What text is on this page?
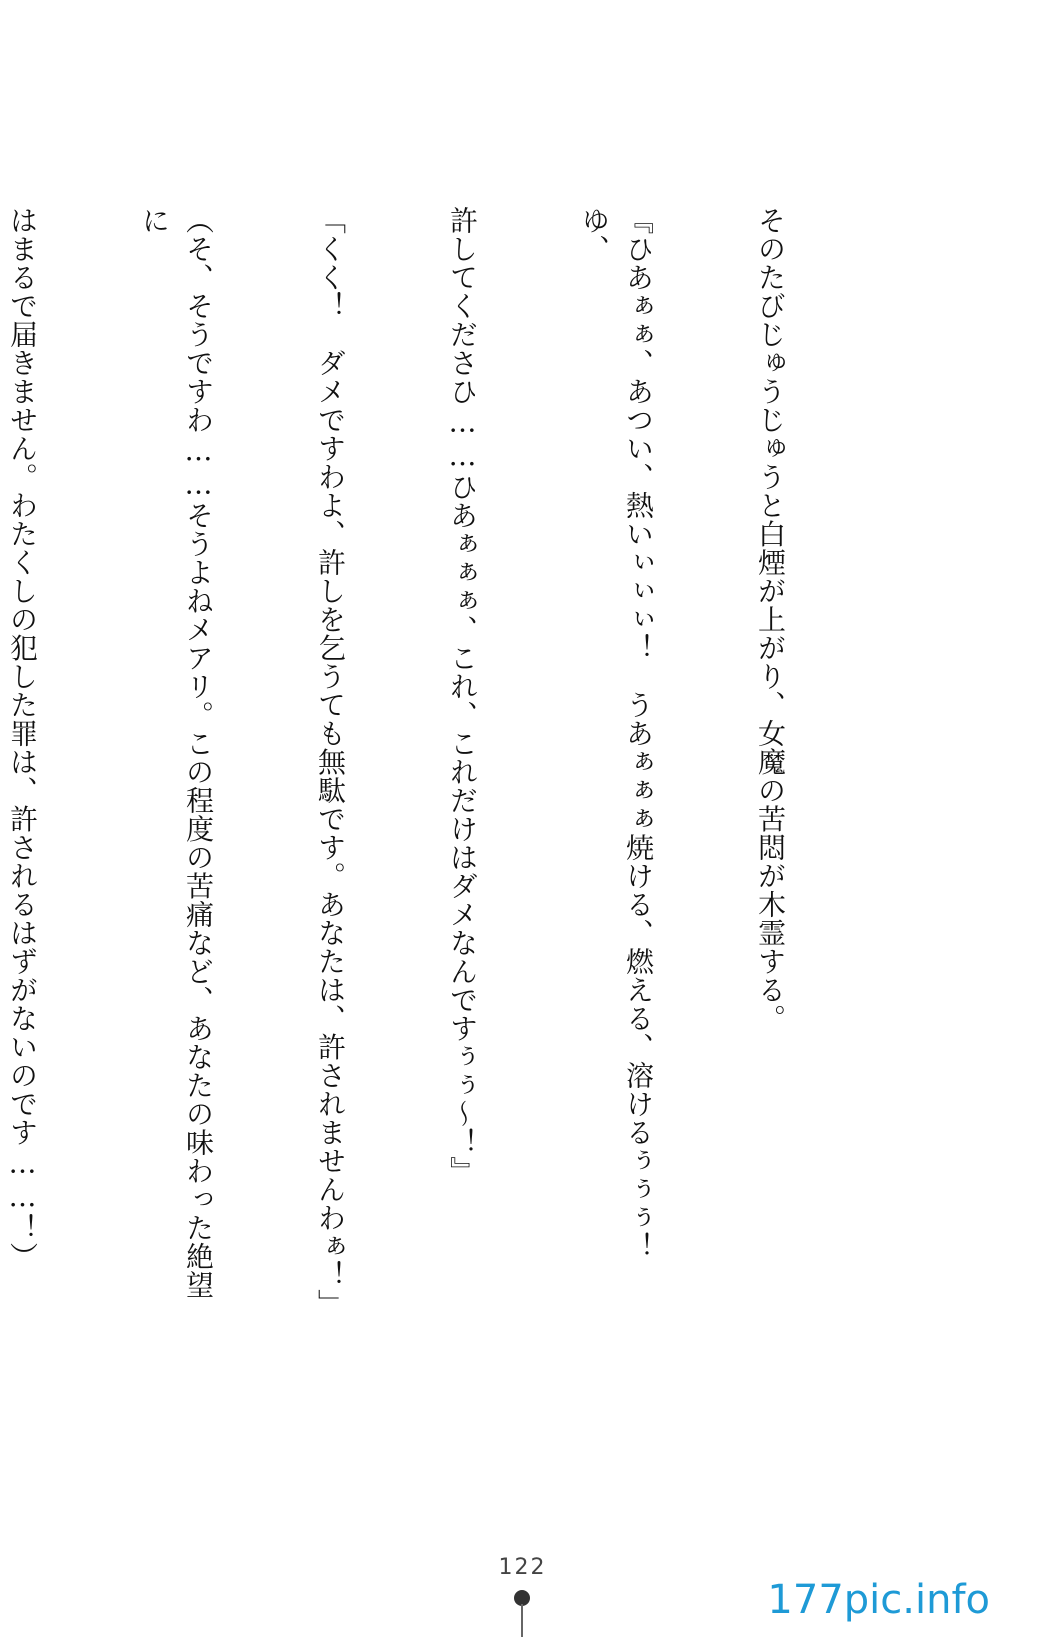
そのたびじゅうじゅうと白煙が上がり、女魔の苦悶が木霊する。

『ひあぁぁ、あつい、熱いぃぃぃ！　うあぁぁぁ焼ける、燃える、溶けるぅぅぅ！　ゆ、

許してくださひ……ひあぁぁぁ、これ、これだけはダメなんですぅぅ〜！』

「くく！　ダメですわよ、許しを乞うても無駄です。あなたは、許されませんわぁ！」

（そ、そうですわ……そうよねメアリ。この程度の苦痛など、あなたの味わった絶望に

はまるで届きません。わたくしの犯した罪は、許されるはずがないのです……！）

122
177pic.info
